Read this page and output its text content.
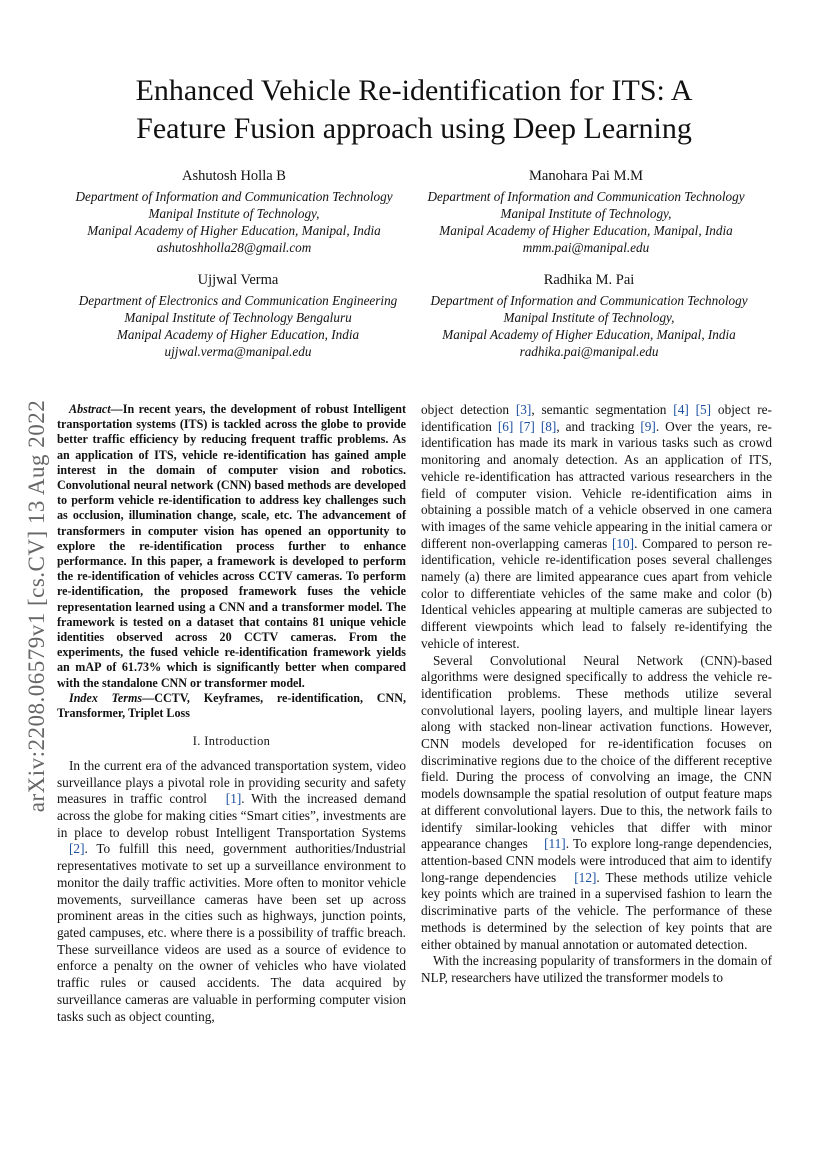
Enhanced Vehicle Re-identification for ITS: A
Feature Fusion approach using Deep Learning
Ashutosh Holla B
Department of Information and Communication Technology
Manipal Institute of Technology,
Manipal Academy of Higher Education, Manipal, India
ashutoshholla28@gmail.com
Manohara Pai M.M
Department of Information and Communication Technology
Manipal Institute of Technology,
Manipal Academy of Higher Education, Manipal, India
mmm.pai@manipal.edu
Ujjwal Verma
Department of Electronics and Communication Engineering
Manipal Institute of Technology Bengaluru
Manipal Academy of Higher Education, India
ujjwal.verma@manipal.edu
Radhika M. Pai
Department of Information and Communication Technology
Manipal Institute of Technology,
Manipal Academy of Higher Education, Manipal, India
radhika.pai@manipal.edu
arXiv:2208.06579v1 [cs.CV] 13 Aug 2022	Abstract—In recent years, the development of robust Intelligent transportation systems (ITS) is tackled across the globe to provide better traffic efficiency by reducing frequent traffic problems. As an application of ITS, vehicle re-identification has gained ample interest in the domain of computer vision and robotics. Convolutional neural network (CNN) based methods are developed to perform vehicle re-identification to address key challenges such as occlusion, illumination change, scale, etc. The advancement of transformers in computer vision has opened an opportunity to explore the re-identification process further to enhance performance. In this paper, a framework is developed to perform the re-identification of vehicles across CCTV cameras. To perform re-identification, the proposed framework fuses the vehicle representation learned using a CNN and a transformer model. The framework is tested on a dataset that contains 81 unique vehicle identities observed across 20 CCTV cameras. From the experiments, the fused vehicle re-identification framework yields an mAP of 61.73% which is significantly better when compared with the standalone CNN or transformer model.

Index Terms—CCTV, Keyframes, re-identification, CNN, Transformer, Triplet Loss

I. Introduction

In the current era of the advanced transportation system, video surveillance plays a pivotal role in providing security and safety measures in traffic control [1]. With the increased demand across the globe for making cities “Smart cities”, investments are in place to develop robust Intelligent Transportation Systems [2]. To fulfill this need, government authorities/Industrial representatives motivate to set up a surveillance environment to monitor the daily traffic activities. More often to monitor vehicle movements, surveillance cameras have been set up across prominent areas in the cities such as highways, junction points, gated campuses, etc. where there is a possibility of traffic breach. These surveillance videos are used as a source of evidence to enforce a penalty on the owner of vehicles who have violated traffic rules or caused accidents. The data acquired by surveillance cameras are valuable in performing computer vision tasks such as object counting,

object detection [3], semantic segmentation [4] [5] object re-identification [6] [7] [8], and tracking [9]. Over the years, re-identification has made its mark in various tasks such as crowd monitoring and anomaly detection. As an application of ITS, vehicle re-identification has attracted various researchers in the field of computer vision. Vehicle re-identification aims in obtaining a possible match of a vehicle observed in one camera with images of the same vehicle appearing in the initial camera or different non-overlapping cameras [10]. Compared to person re-identification, vehicle re-identification poses several challenges namely (a) there are limited appearance cues apart from vehicle color to differentiate vehicles of the same make and color (b) Identical vehicles appearing at multiple cameras are subjected to different viewpoints which lead to falsely re-identifying the vehicle of interest.

Several Convolutional Neural Network (CNN)-based algorithms were designed specifically to address the vehicle re-identification problems. These methods utilize several convolutional layers, pooling layers, and multiple linear layers along with stacked non-linear activation functions. However, CNN models developed for re-identification focuses on discriminative regions due to the choice of the different receptive field. During the process of convolving an image, the CNN models downsample the spatial resolution of output feature maps at different convolutional layers. Due to this, the network fails to identify similar-looking vehicles that differ with minor appearance changes [11]. To explore long-range dependencies, attention-based CNN models were introduced that aim to identify long-range dependencies [12]. These methods utilize vehicle key points which are trained in a supervised fashion to learn the discriminative parts of the vehicle. The performance of these methods is determined by the selection of key points that are either obtained by manual annotation or automated detection.

With the increasing popularity of transformers in the domain of NLP, researchers have utilized the transformer models to
